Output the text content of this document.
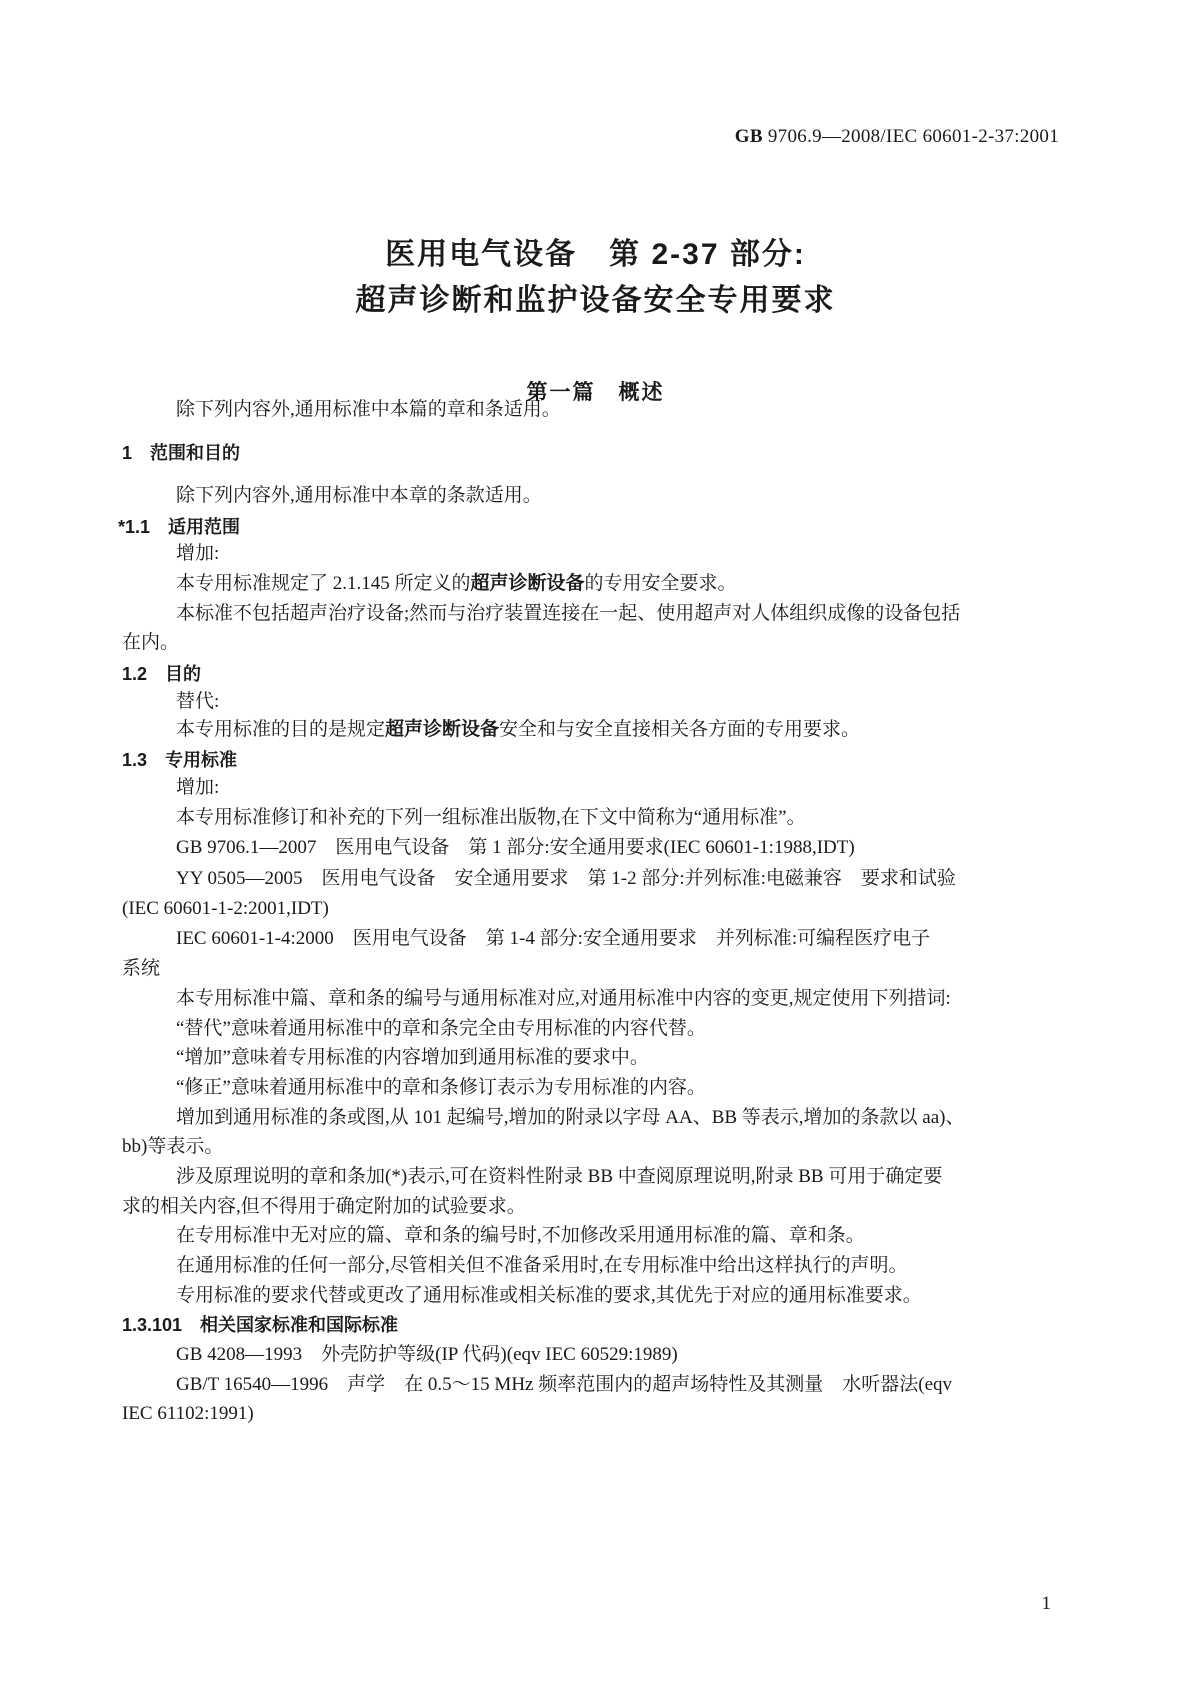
GB 9706.9—2008/IEC 60601-2-37:2001
医用电气设备　第 2-37 部分:
超声诊断和监护设备安全专用要求
第一篇　概述
除下列内容外,通用标准中本篇的章和条适用。
1　范围和目的
除下列内容外,通用标准中本章的条款适用。
*1.1　适用范围
增加:
本专用标准规定了 2.1.145 所定义的超声诊断设备的专用安全要求。
本标准不包括超声治疗设备;然而与治疗装置连接在一起、使用超声对人体组织成像的设备包括
在内。
1.2　目的
替代:
本专用标准的目的是规定超声诊断设备安全和与安全直接相关各方面的专用要求。
1.3　专用标准
增加:
本专用标准修订和补充的下列一组标准出版物,在下文中简称为“通用标准”。
GB 9706.1—2007　医用电气设备　第 1 部分:安全通用要求(IEC 60601-1:1988,IDT)
YY 0505—2005　医用电气设备　安全通用要求　第 1-2 部分:并列标准:电磁兼容　要求和试验
(IEC 60601-1-2:2001,IDT)
IEC 60601-1-4:2000　医用电气设备　第 1-4 部分:安全通用要求　并列标准:可编程医疗电子
系统
本专用标准中篇、章和条的编号与通用标准对应,对通用标准中内容的变更,规定使用下列措词:
“替代”意味着通用标准中的章和条完全由专用标准的内容代替。
“增加”意味着专用标准的内容增加到通用标准的要求中。
“修正”意味着通用标准中的章和条修订表示为专用标准的内容。
增加到通用标准的条或图,从 101 起编号,增加的附录以字母 AA、BB 等表示,增加的条款以 aa)、
bb)等表示。
涉及原理说明的章和条加(*)表示,可在资料性附录 BB 中查阅原理说明,附录 BB 可用于确定要
求的相关内容,但不得用于确定附加的试验要求。
在专用标准中无对应的篇、章和条的编号时,不加修改采用通用标准的篇、章和条。
在通用标准的任何一部分,尽管相关但不准备采用时,在专用标准中给出这样执行的声明。
专用标准的要求代替或更改了通用标准或相关标准的要求,其优先于对应的通用标准要求。
1.3.101　相关国家标准和国际标准
GB 4208—1993　外壳防护等级(IP 代码)(eqv IEC 60529:1989)
GB/T 16540—1996　声学　在 0.5～15 MHz 频率范围内的超声场特性及其测量　水听器法(eqv
IEC 61102:1991)
1
